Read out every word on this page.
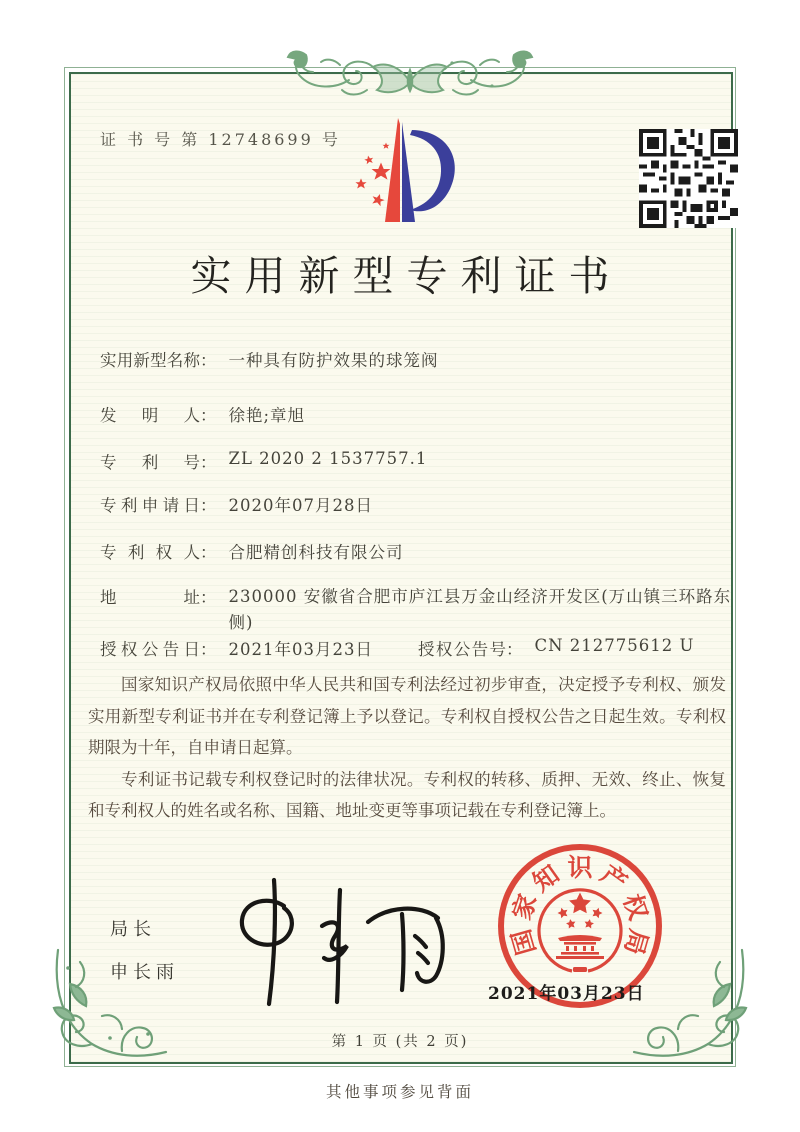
证 书 号 第 12748699 号
实用新型专利证书
实用新型名称： 一种具有防护效果的球笼阀
发明人： 徐艳;章旭
专利号： ZL 2020 2 1537757.1
专利申请日： 2020年07月28日
专利权人： 合肥精创科技有限公司
地址： 230000 安徽省合肥市庐江县万金山经济开发区(万山镇三环路东侧)
授权公告日： 2021年03月23日	授权公告号： CN 212775612 U

国家知识产权局依照中华人民共和国专利法经过初步审查，决定授予专利权、颁发实用新型专利证书并在专利登记簿上予以登记。专利权自授权公告之日起生效。专利权期限为十年，自申请日起算。

专利证书记载专利权登记时的法律状况。专利权的转移、质押、无效、终止、恢复和专利权人的姓名或名称、国籍、地址变更等事项记载在专利登记簿上。

局长
申长雨
国
家
知 识 产
权
局
2021年03月23日
第 1 页 (共 2 页)
其他事项参见背面
